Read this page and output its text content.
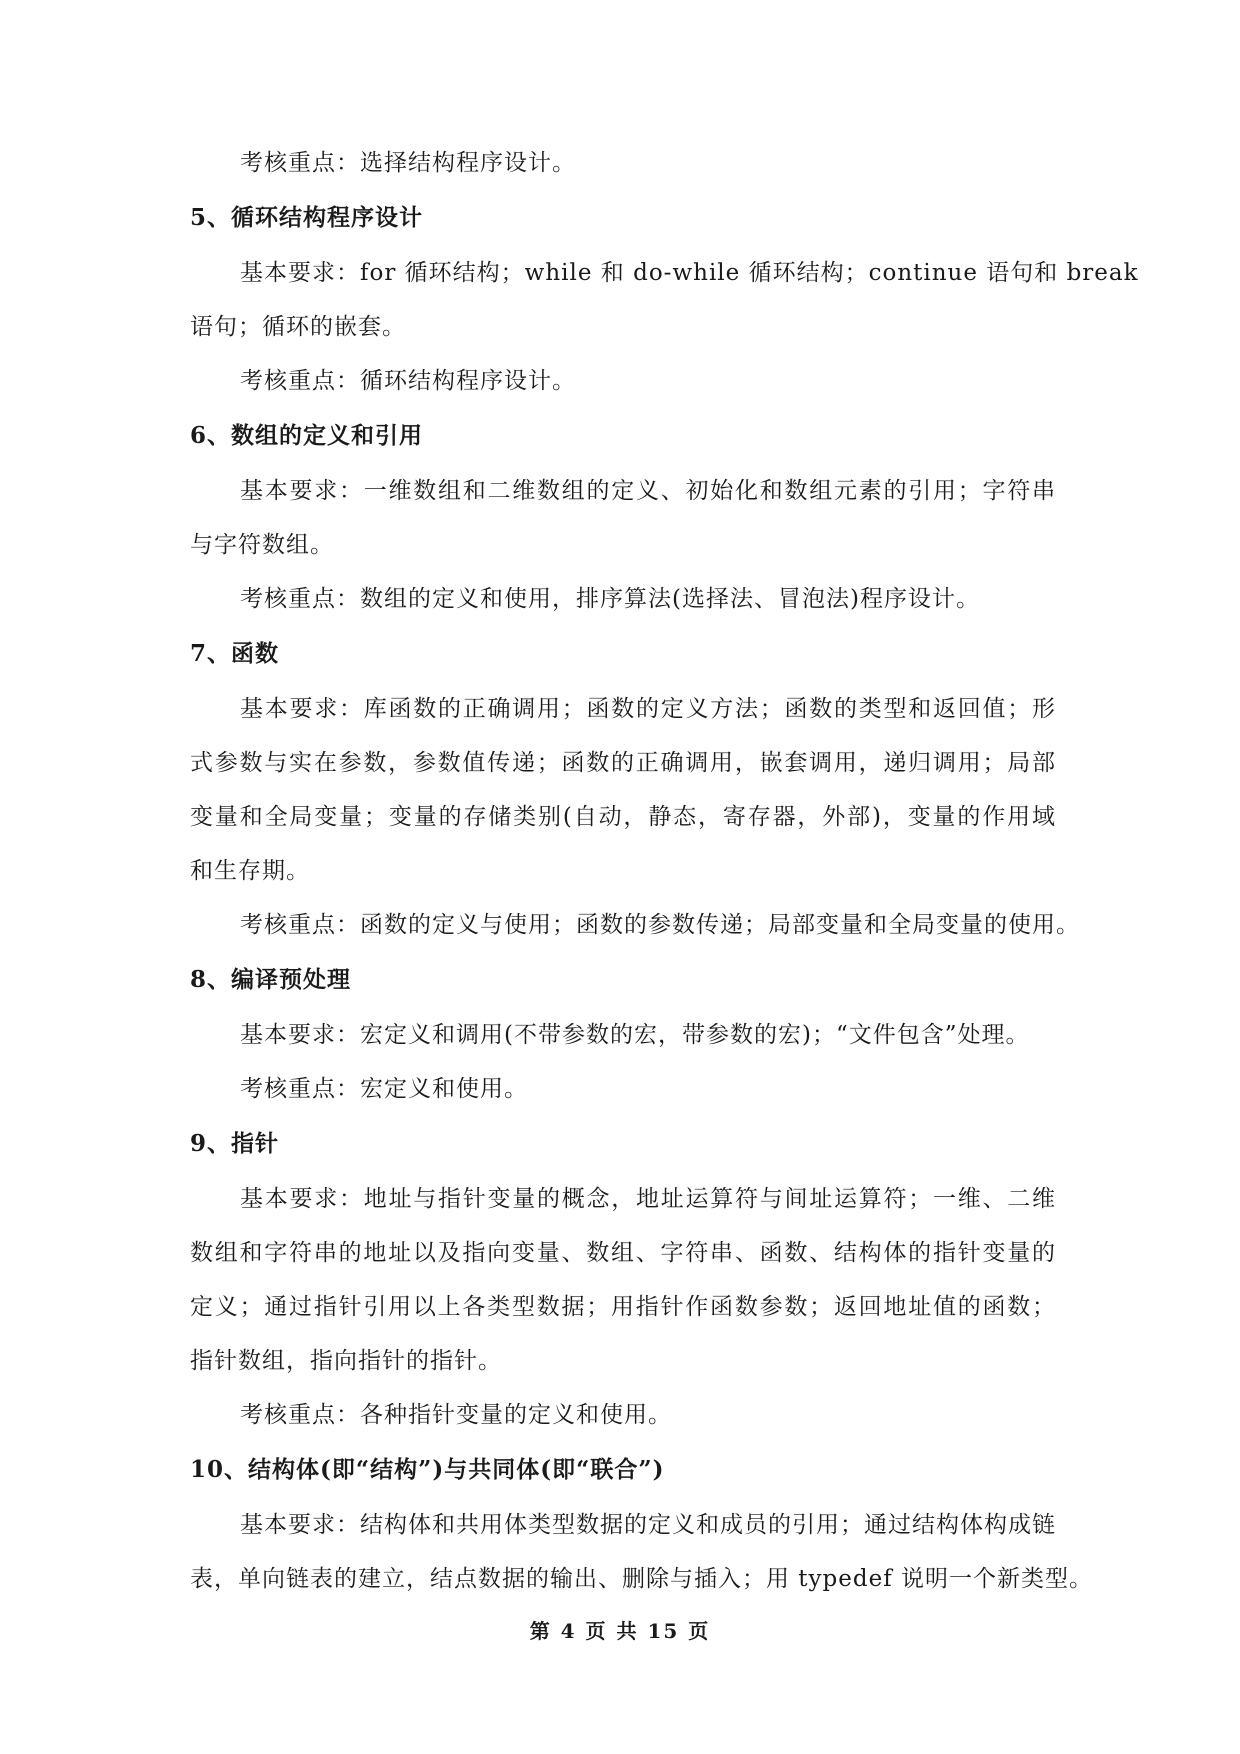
考核重点：选择结构程序设计。
5、循环结构程序设计
基本要求：for 循环结构；while 和 do-while 循环结构；continue 语句和 break
语句；循环的嵌套。
考核重点：循环结构程序设计。
6、数组的定义和引用
基本要求：一维数组和二维数组的定义、初始化和数组元素的引用；字符串
与字符数组。
考核重点：数组的定义和使用，排序算法(选择法、冒泡法)程序设计。
7、函数
基本要求：库函数的正确调用；函数的定义方法；函数的类型和返回值；形
式参数与实在参数，参数值传递；函数的正确调用，嵌套调用，递归调用；局部
变量和全局变量；变量的存储类别(自动，静态，寄存器，外部)，变量的作用域
和生存期。
考核重点：函数的定义与使用；函数的参数传递；局部变量和全局变量的使用。
8、编译预处理
基本要求：宏定义和调用(不带参数的宏，带参数的宏)；“文件包含”处理。
考核重点：宏定义和使用。
9、指针
基本要求：地址与指针变量的概念，地址运算符与间址运算符；一维、二维
数组和字符串的地址以及指向变量、数组、字符串、函数、结构体的指针变量的
定义；通过指针引用以上各类型数据；用指针作函数参数；返回地址值的函数；
指针数组，指向指针的指针。
考核重点：各种指针变量的定义和使用。
10、结构体(即“结构”)与共同体(即“联合”)
基本要求：结构体和共用体类型数据的定义和成员的引用；通过结构体构成链
表，单向链表的建立，结点数据的输出、删除与插入；用 typedef 说明一个新类型。
第 4 页 共 15 页
